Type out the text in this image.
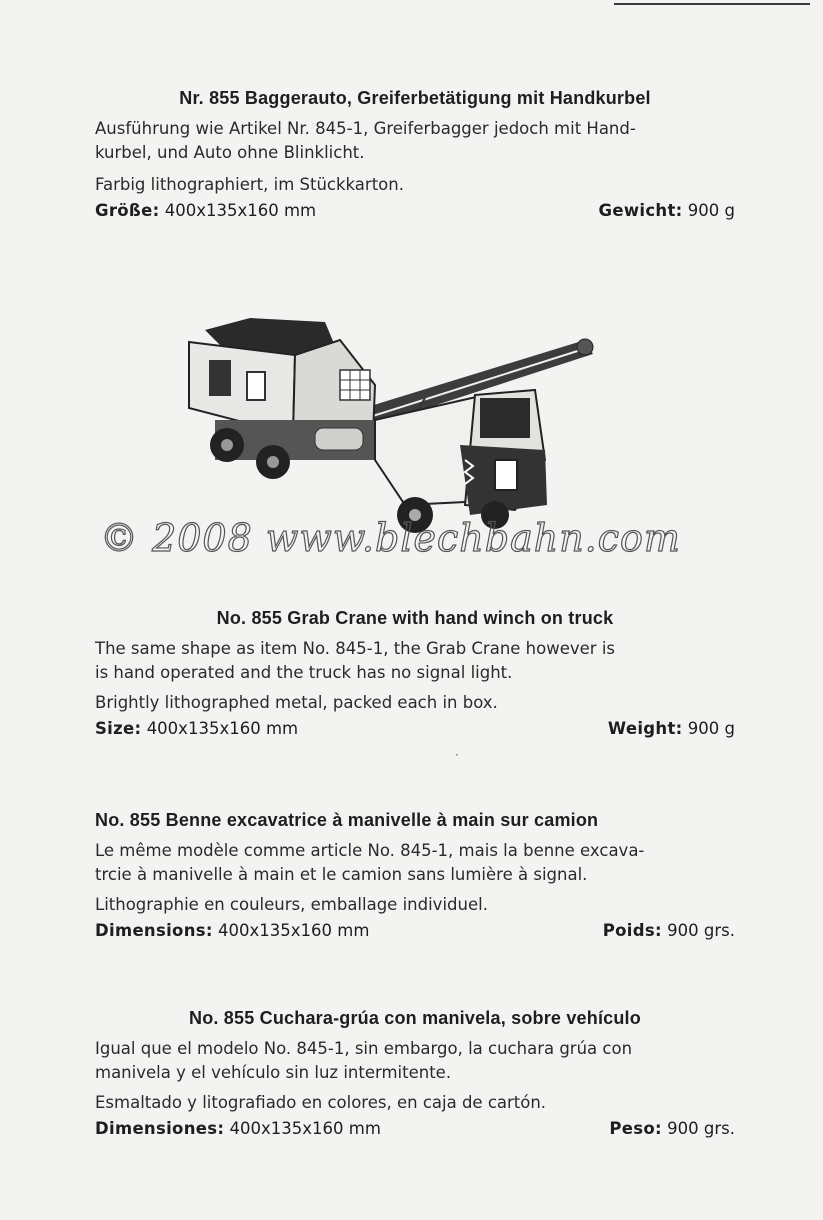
Nr. 855 Baggerauto, Greiferbetätigung mit Handkurbel

Ausführung wie Artikel Nr. 845-1, Greiferbagger jedoch mit Hand-

kurbel, und Auto ohne Blinklicht.

Farbig lithographiert, im Stückkarton.

Größe: 400x135x160 mm	Gewicht: 900 g
© 2008 www.blechbahn.com
No. 855 Grab Crane with hand winch on truck

The same shape as item No. 845-1, the Grab Crane however is

is hand operated and the truck has no signal light.

Brightly lithographed metal, packed each in box.

Size: 400x135x160 mm	Weight: 900 g
·
No. 855 Benne excavatrice à manivelle à main sur camion

Le même modèle comme article No. 845-1, mais la benne excava-

trcie à manivelle à main et le camion sans lumière à signal.

Lithographie en couleurs, emballage individuel.

Dimensions: 400x135x160 mm	Poids: 900 grs.
No. 855 Cuchara-grúa con manivela, sobre vehículo

Igual que el modelo No. 845-1, sin embargo, la cuchara grúa con

manivela y el vehículo sin luz intermitente.

Esmaltado y litografiado en colores, en caja de cartón.

Dimensiones: 400x135x160 mm	Peso: 900 grs.
